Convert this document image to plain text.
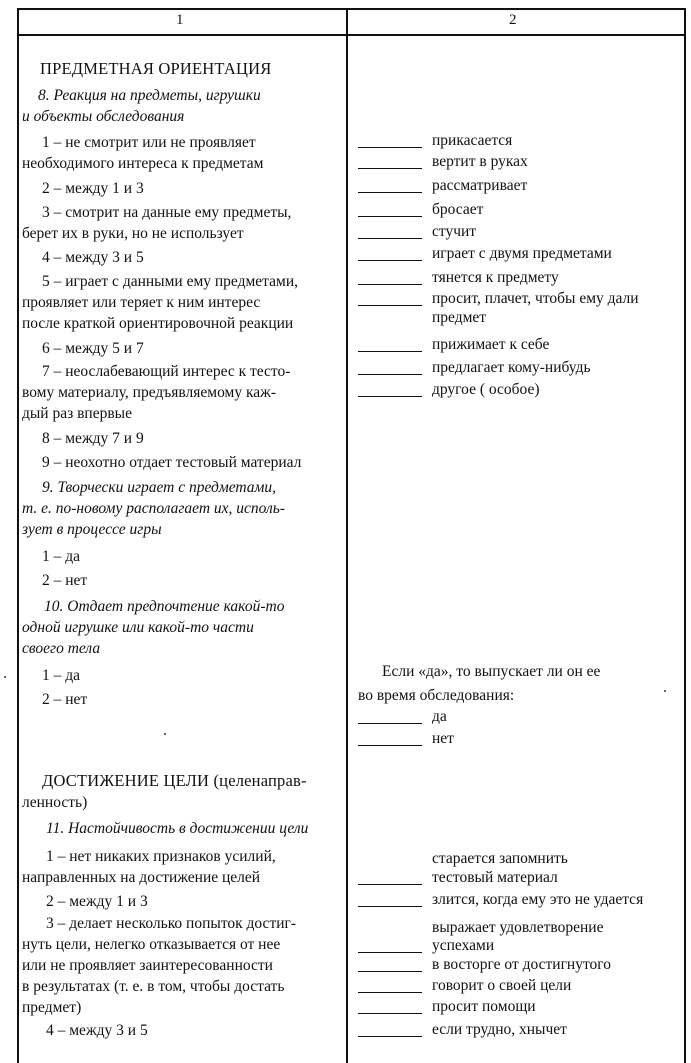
1	2
ПРЕДМЕТНАЯ ОРИЕНТАЦИЯ
8. Реакция на предметы, игрушки
и объекты обследования
1 – не смотрит или не проявляет
необходимого интереса к предметам
2 – между 1 и 3
3 – смотрит на данные ему предметы,
берет их в руки, но не использует
4 – между 3 и 5
5 – играет с данными ему предметами,
проявляет или теряет к ним интерес
после краткой ориентировочной реакции
6 – между 5 и 7
7 – неослабевающий интерес к тесто-
вому материалу, предъявляемому каж-
дый раз впервые
8 – между 7 и 9
9 – неохотно отдает тестовый материал
9. Творчески играет с предметами,
т. е. по-новому располагает их, исполь-
зует в процессе игры
1 – да
2 – нет
10. Отдает предпочтение какой-то
одной игрушке или какой-то части
своего тела
1 – да
2 – нет
прикасается
вертит в руках
рассматривает
бросает
стучит
играет с двумя предметами
тянется к предмету
просит, плачет, чтобы ему дали
предмет
прижимает к себе
предлагает кому-нибудь
другое ( особое)
Если «да», то выпускает ли он ее
во время обследования:
да
нет
ДОСТИЖЕНИЕ ЦЕЛИ (целенаправ-
ленность)
11. Настойчивость в достижении цели
1 – нет никаких признаков усилий,
направленных на достижение целей
2 – между 1 и 3
3 – делает несколько попыток достиг-
нуть цели, нелегко отказывается от нее
или не проявляет заинтересованности
в результатах (т. е. в том, чтобы достать
предмет)
4 – между 3 и 5
старается запомнить
тестовый материал
злится, когда ему это не удается
выражает удовлетворение
успехами
в восторге от достигнутого
говорит о своей цели
просит помощи
если трудно, хнычет
